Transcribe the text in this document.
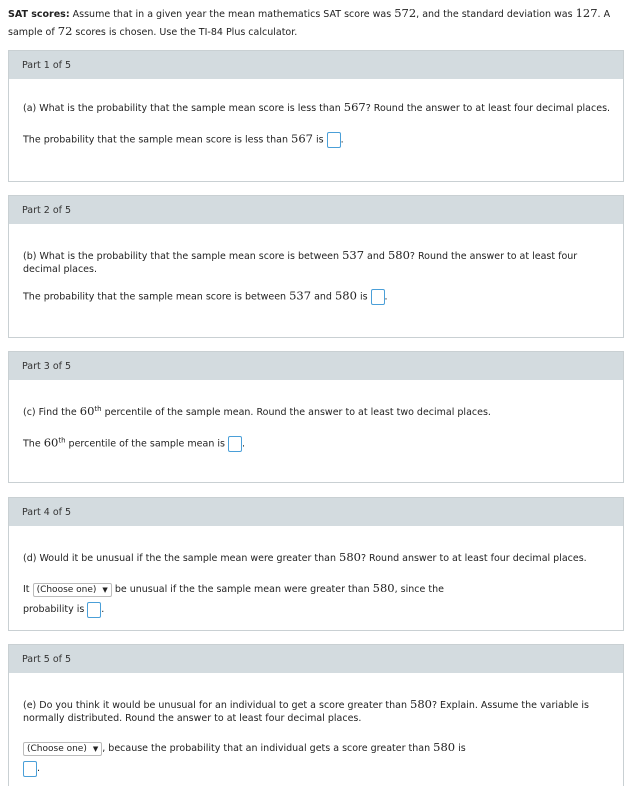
SAT scores: Assume that in a given year the mean mathematics SAT score was 572, and the standard deviation was 127. A sample of 72 scores is chosen. Use the TI-84 Plus calculator.
Part 1 of 5
(a) What is the probability that the sample mean score is less than 567? Round the answer to at least four decimal places.
The probability that the sample mean score is less than 567 is .
Part 2 of 5
(b) What is the probability that the sample mean score is between 537 and 580? Round the answer to at least four decimal places.
The probability that the sample mean score is between 537 and 580 is .
Part 3 of 5
(c) Find the 60th percentile of the sample mean. Round the answer to at least two decimal places.
The 60th percentile of the sample mean is .
Part 4 of 5
(d) Would it be unusual if the the sample mean were greater than 580? Round answer to at least four decimal places.
It (Choose one) ▼ be unusual if the the sample mean were greater than 580, since the
probability is .
Part 5 of 5
(e) Do you think it would be unusual for an individual to get a score greater than 580? Explain. Assume the variable is normally distributed. Round the answer to at least four decimal places.
(Choose one) ▼ , because the probability that an individual gets a score greater than 580 is
.
